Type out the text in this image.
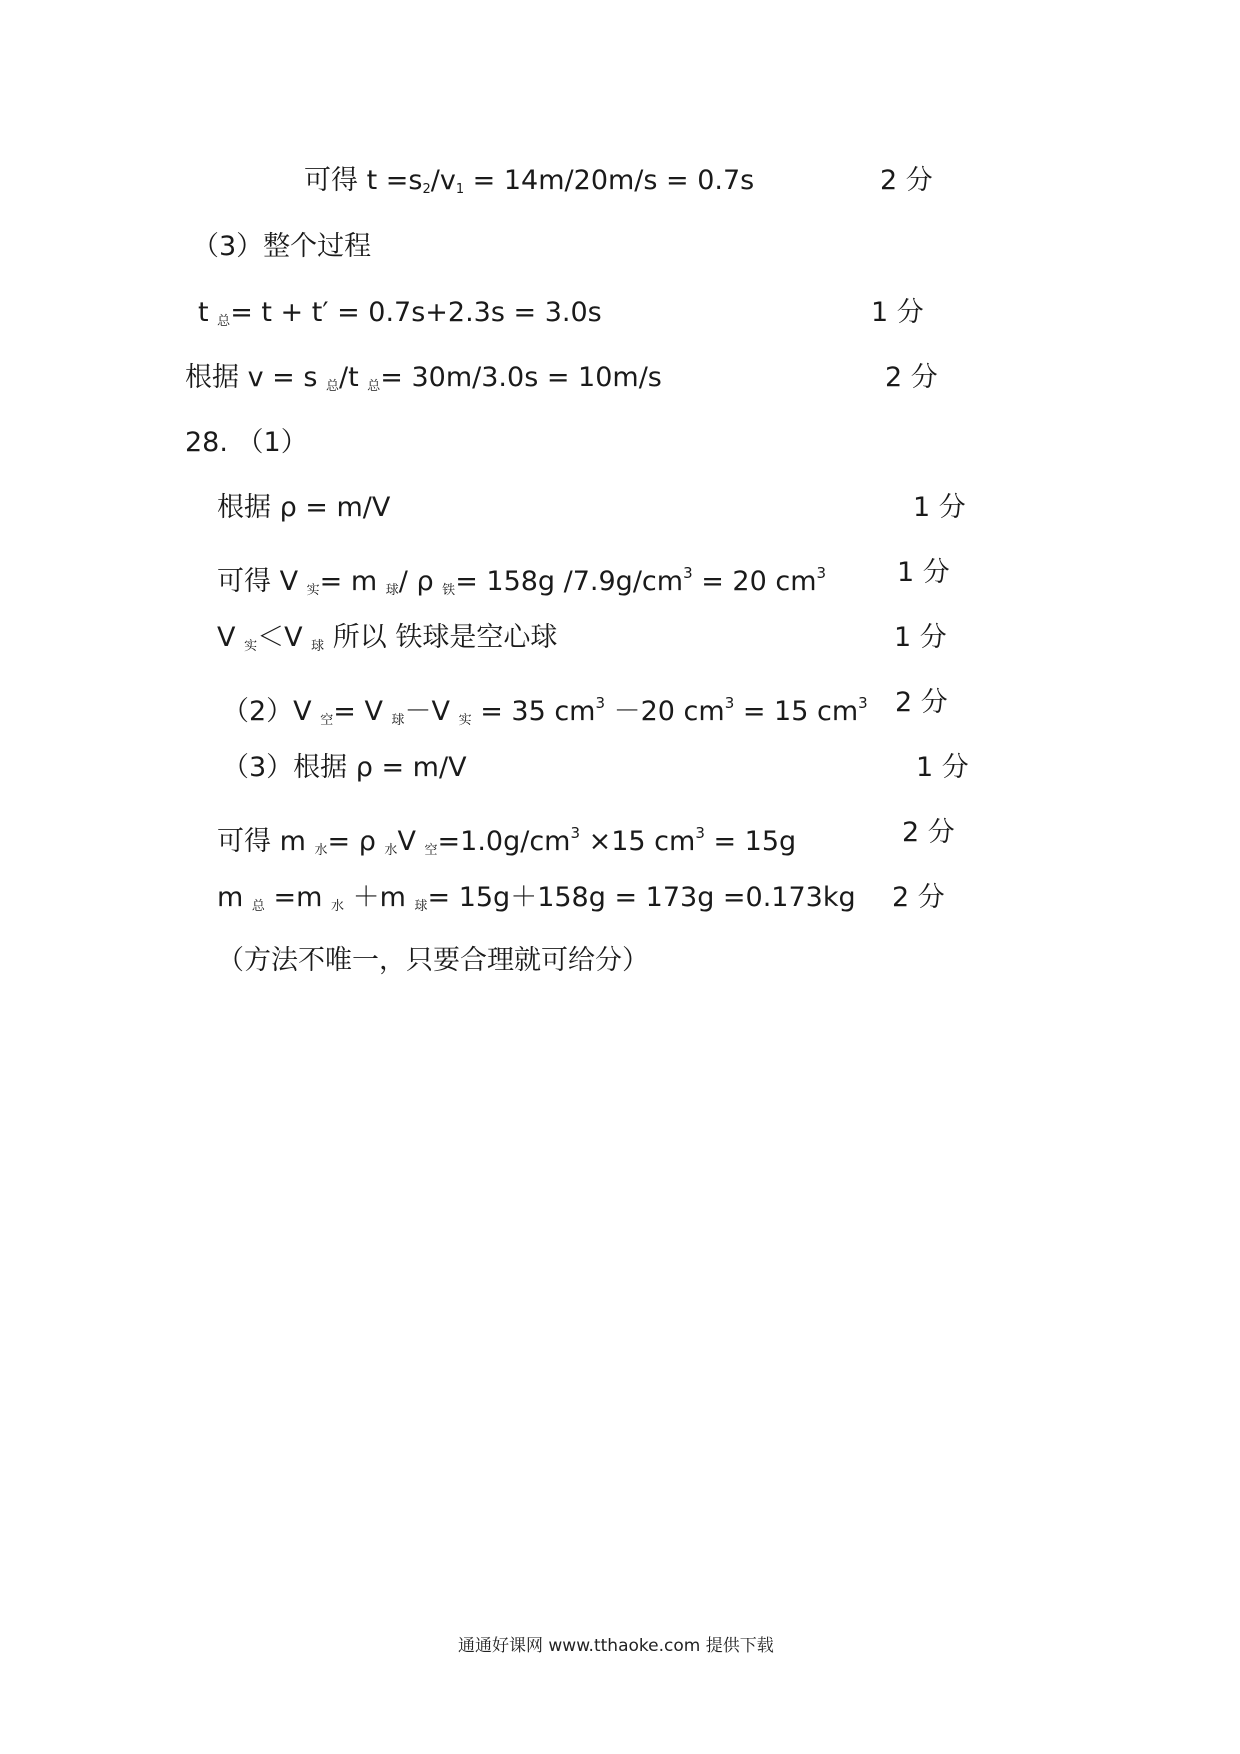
可得 $t =s_2/v_1 = 14m/20m/s = 0.7s$	2 分
（3）整个过程
t $_总$= t + t′ = 0.7s+2.3s = 3.0s	1 分
根据 v = s $_总$/t $_总$= 30m/3.0s = 10m/s	2 分
28. （1）
根据 ρ = m/V	1 分
可得 V $_实$= m $_球$/ ρ $_铁$= 158g $/7.9g/cm^3 = 20$ $cm^3$	1 分
V $_实$＜V $_球$ 所以 铁球是空心球	1 分
（2）V $_空$= V $_球$－V $_实$ = 35 $cm^3 -20$ $cm^3 = 15$ $cm^3$ 2 分
（3）根据 ρ = m/V	1 分
可得 m $_水$= ρ $_水$V $_空=1.0g/cm^3 \times 15$ $cm^3 = 15g$	2 分
m $_总$ =m $_水$ ＋m $_球$= 15g＋158g = 173g =0.173kg 2 分
（方法不唯一，只要合理就可给分）
通通好课网 www.tthaoke.com 提供下载
